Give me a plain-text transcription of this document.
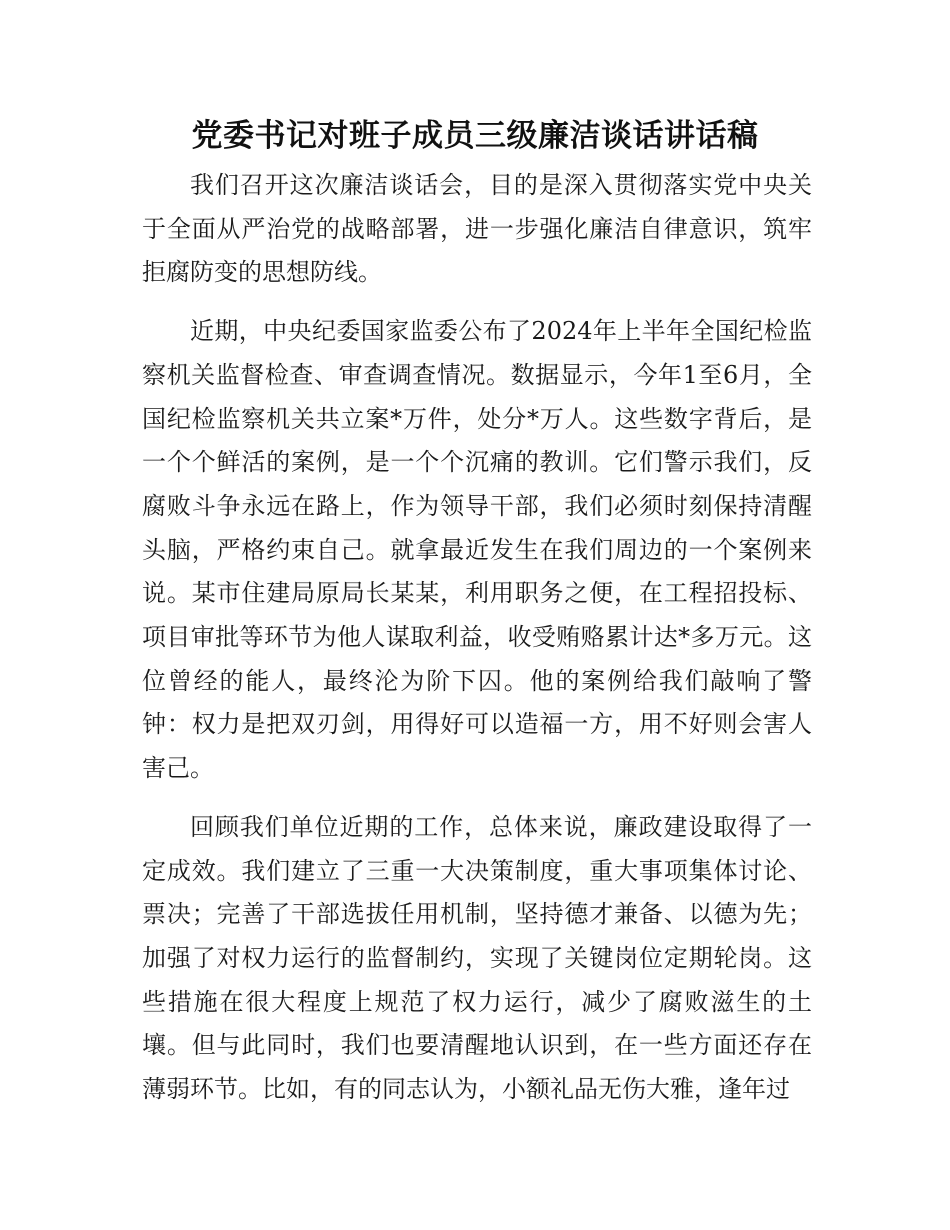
党委书记对班子成员三级廉洁谈话讲话稿

我们召开这次廉洁谈话会，目的是深入贯彻落实党中央关于全面从严治党的战略部署，进一步强化廉洁自律意识，筑牢拒腐防变的思想防线。

近期，中央纪委国家监委公布了2024年上半年全国纪检监察机关监督检查、审查调查情况。数据显示，今年1至6月，全国纪检监察机关共立案*万件，处分*万人。这些数字背后，是一个个鲜活的案例，是一个个沉痛的教训。它们警示我们，反腐败斗争永远在路上，作为领导干部，我们必须时刻保持清醒头脑，严格约束自己。就拿最近发生在我们周边的一个案例来说。某市住建局原局长某某，利用职务之便，在工程招投标、项目审批等环节为他人谋取利益，收受贿赂累计达*多万元。这位曾经的能人，最终沦为阶下囚。他的案例给我们敲响了警钟：权力是把双刃剑，用得好可以造福一方，用不好则会害人害己。

回顾我们单位近期的工作，总体来说，廉政建设取得了一定成效。我们建立了三重一大决策制度，重大事项集体讨论、票决；完善了干部选拔任用机制，坚持德才兼备、以德为先；加强了对权力运行的监督制约，实现了关键岗位定期轮岗。这些措施在很大程度上规范了权力运行，减少了腐败滋生的土壤。但与此同时，我们也要清醒地认识到，在一些方面还存在薄弱环节。比如，有的同志认为，小额礼品无伤大雅，逢年过
